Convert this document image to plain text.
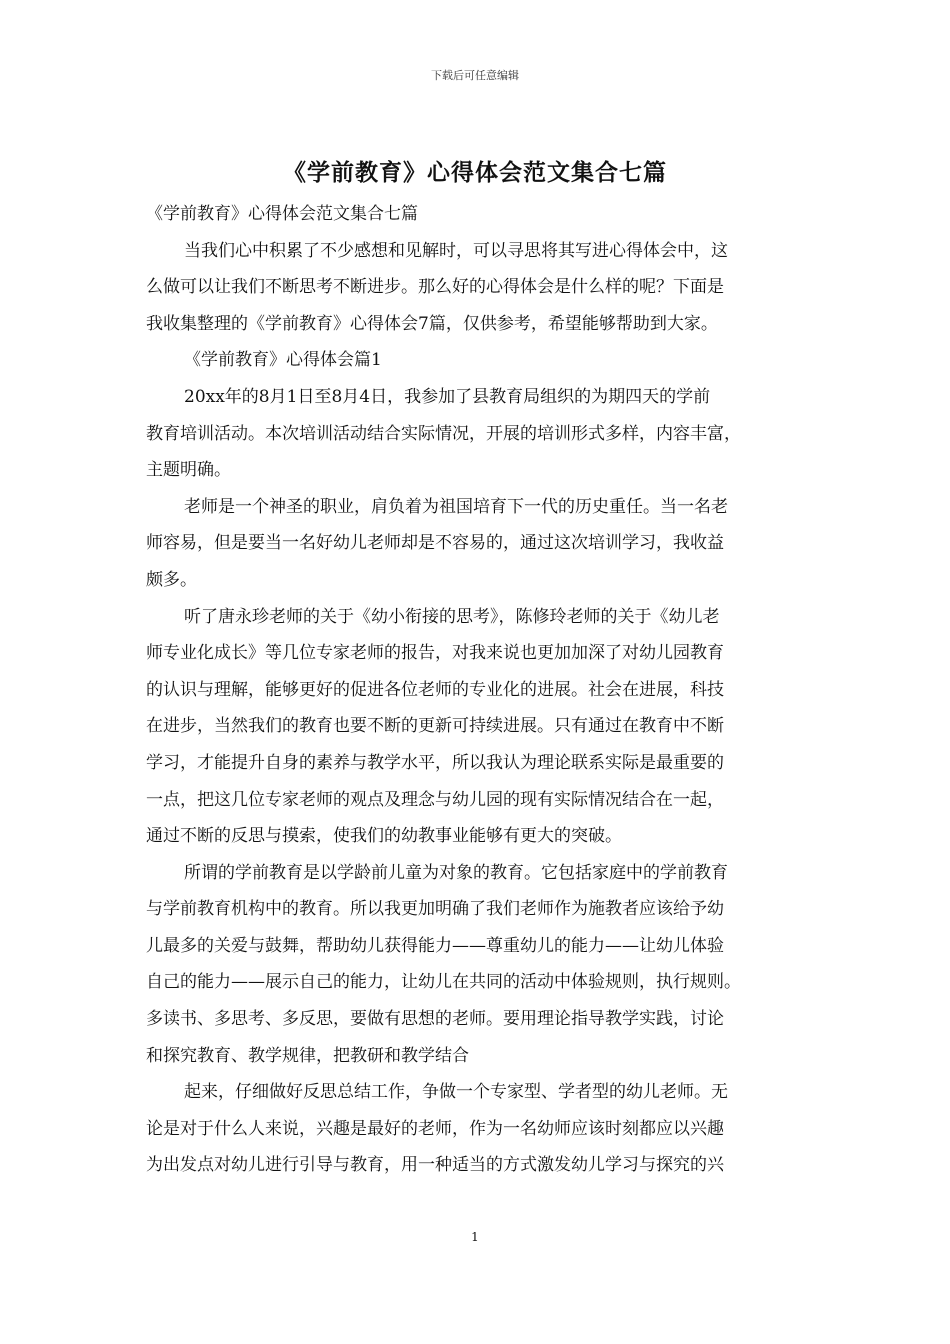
下载后可任意编辑
《学前教育》心得体会范文集合七篇
《学前教育》心得体会范文集合七篇
当我们心中积累了不少感想和见解时，可以寻思将其写进心得体会中，这
么做可以让我们不断思考不断进步。那么好的心得体会是什么样的呢？下面是
我收集整理的《学前教育》心得体会7篇，仅供参考，希望能够帮助到大家。
《学前教育》心得体会篇1
20xx年的8月1日至8月4日，我参加了县教育局组织的为期四天的学前
教育培训活动。本次培训活动结合实际情况，开展的培训形式多样，内容丰富，
主题明确。
老师是一个神圣的职业，肩负着为祖国培育下一代的历史重任。当一名老
师容易，但是要当一名好幼儿老师却是不容易的，通过这次培训学习，我收益
颇多。
听了唐永珍老师的关于《幼小衔接的思考》，陈修玲老师的关于《幼儿老
师专业化成长》等几位专家老师的报告，对我来说也更加加深了对幼儿园教育
的认识与理解，能够更好的促进各位老师的专业化的进展。社会在进展，科技
在进步，当然我们的教育也要不断的更新可持续进展。只有通过在教育中不断
学习，才能提升自身的素养与教学水平，所以我认为理论联系实际是最重要的
一点，把这几位专家老师的观点及理念与幼儿园的现有实际情况结合在一起，
通过不断的反思与摸索，使我们的幼教事业能够有更大的突破。
所谓的学前教育是以学龄前儿童为对象的教育。它包括家庭中的学前教育
与学前教育机构中的教育。所以我更加明确了我们老师作为施教者应该给予幼
儿最多的关爱与鼓舞，帮助幼儿获得能力——尊重幼儿的能力——让幼儿体验
自己的能力——展示自己的能力，让幼儿在共同的活动中体验规则，执行规则。
多读书、多思考、多反思，要做有思想的老师。要用理论指导教学实践，讨论
和探究教育、教学规律，把教研和教学结合
起来，仔细做好反思总结工作，争做一个专家型、学者型的幼儿老师。无
论是对于什么人来说，兴趣是最好的老师，作为一名幼师应该时刻都应以兴趣
为出发点对幼儿进行引导与教育，用一种适当的方式激发幼儿学习与探究的兴
1
